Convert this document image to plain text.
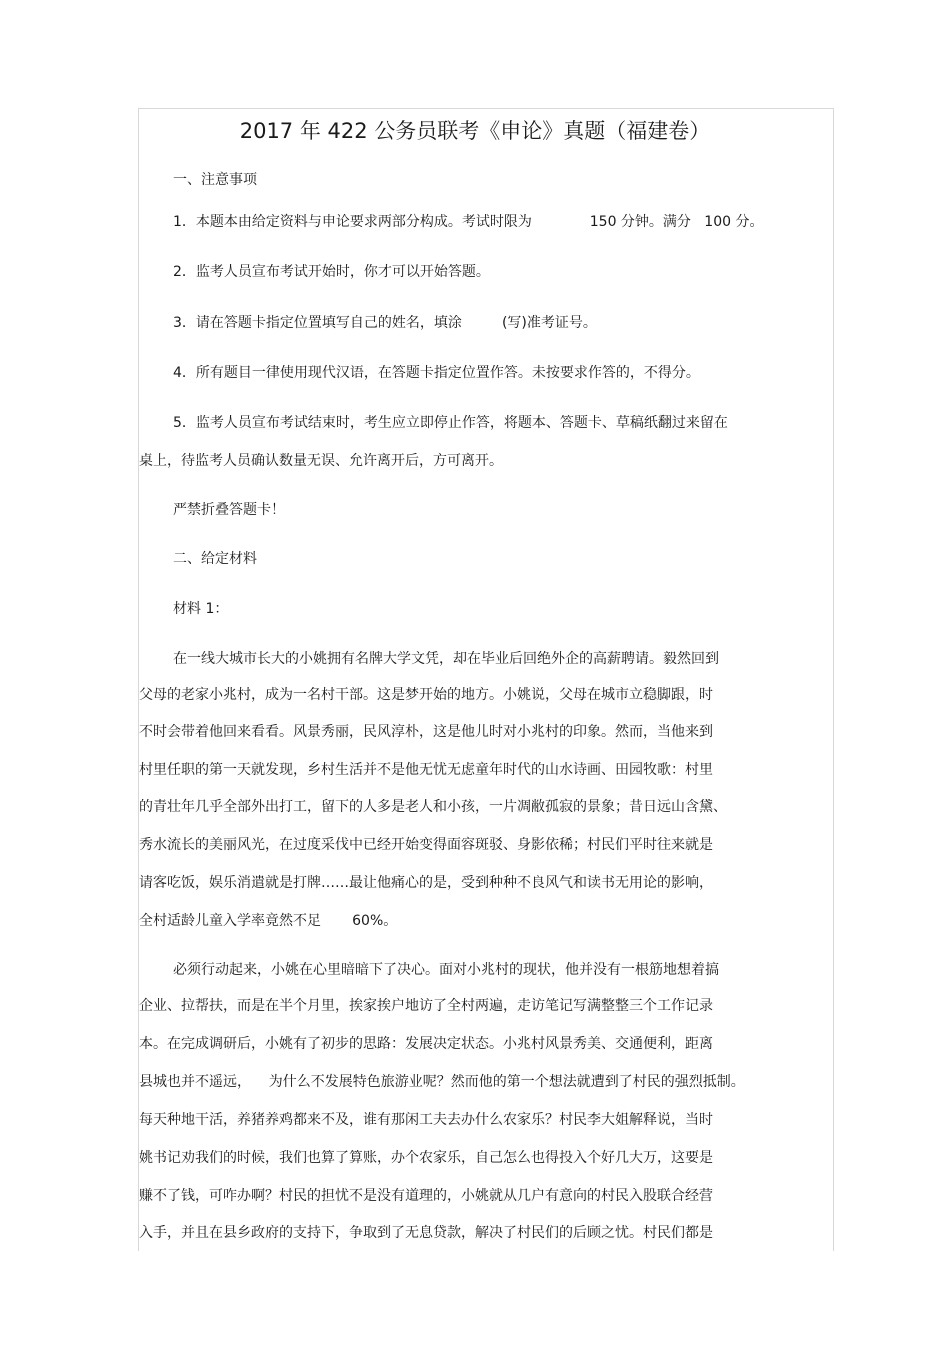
2017 年 422 公务员联考《申论》真题（福建卷）
一、注意事项
1．本题本由给定资料与申论要求两部分构成。考试时限为             150 分钟。满分   100 分。
2．监考人员宣布考试开始时，你才可以开始答题。
3．请在答题卡指定位置填写自己的姓名，填涂         (写)准考证号。
4．所有题目一律使用现代汉语，在答题卡指定位置作答。未按要求作答的，不得分。
5．监考人员宣布考试结束时，考生应立即停止作答，将题本、答题卡、草稿纸翻过来留在
桌上，待监考人员确认数量无误、允许离开后，方可离开。
严禁折叠答题卡！
二、给定材料
材料 1：
在一线大城市长大的小姚拥有名牌大学文凭，却在毕业后回绝外企的高薪聘请。毅然回到
父母的老家小兆村，成为一名村干部。这是梦开始的地方。小姚说，父母在城市立稳脚跟，时
不时会带着他回来看看。风景秀丽，民风淳朴，这是他儿时对小兆村的印象。然而，当他来到
村里任职的第一天就发现，乡村生活并不是他无忧无虑童年时代的山水诗画、田园牧歌：村里
的青壮年几乎全部外出打工，留下的人多是老人和小孩，一片凋敝孤寂的景象；昔日远山含黛、
秀水流长的美丽风光，在过度采伐中已经开始变得面容斑驳、身影依稀；村民们平时往来就是
请客吃饭，娱乐消遣就是打牌……最让他痛心的是，受到种种不良风气和读书无用论的影响，
全村适龄儿童入学率竟然不足       60%。
必须行动起来，小姚在心里暗暗下了决心。面对小兆村的现状，他并没有一根筋地想着搞
企业、拉帮扶，而是在半个月里，挨家挨户地访了全村两遍，走访笔记写满整整三个工作记录
本。在完成调研后，小姚有了初步的思路：发展决定状态。小兆村风景秀美、交通便利，距离
县城也并不遥远，    为什么不发展特色旅游业呢？然而他的第一个想法就遭到了村民的强烈抵制。
每天种地干活，养猪养鸡都来不及，谁有那闲工夫去办什么农家乐？村民李大姐解释说，当时
姚书记劝我们的时候，我们也算了算账，办个农家乐，自己怎么也得投入个好几大万，这要是
赚不了钱，可咋办啊？村民的担忧不是没有道理的，小姚就从几户有意向的村民入股联合经营
入手，并且在县乡政府的支持下，争取到了无息贷款，解决了村民们的后顾之忧。村民们都是
